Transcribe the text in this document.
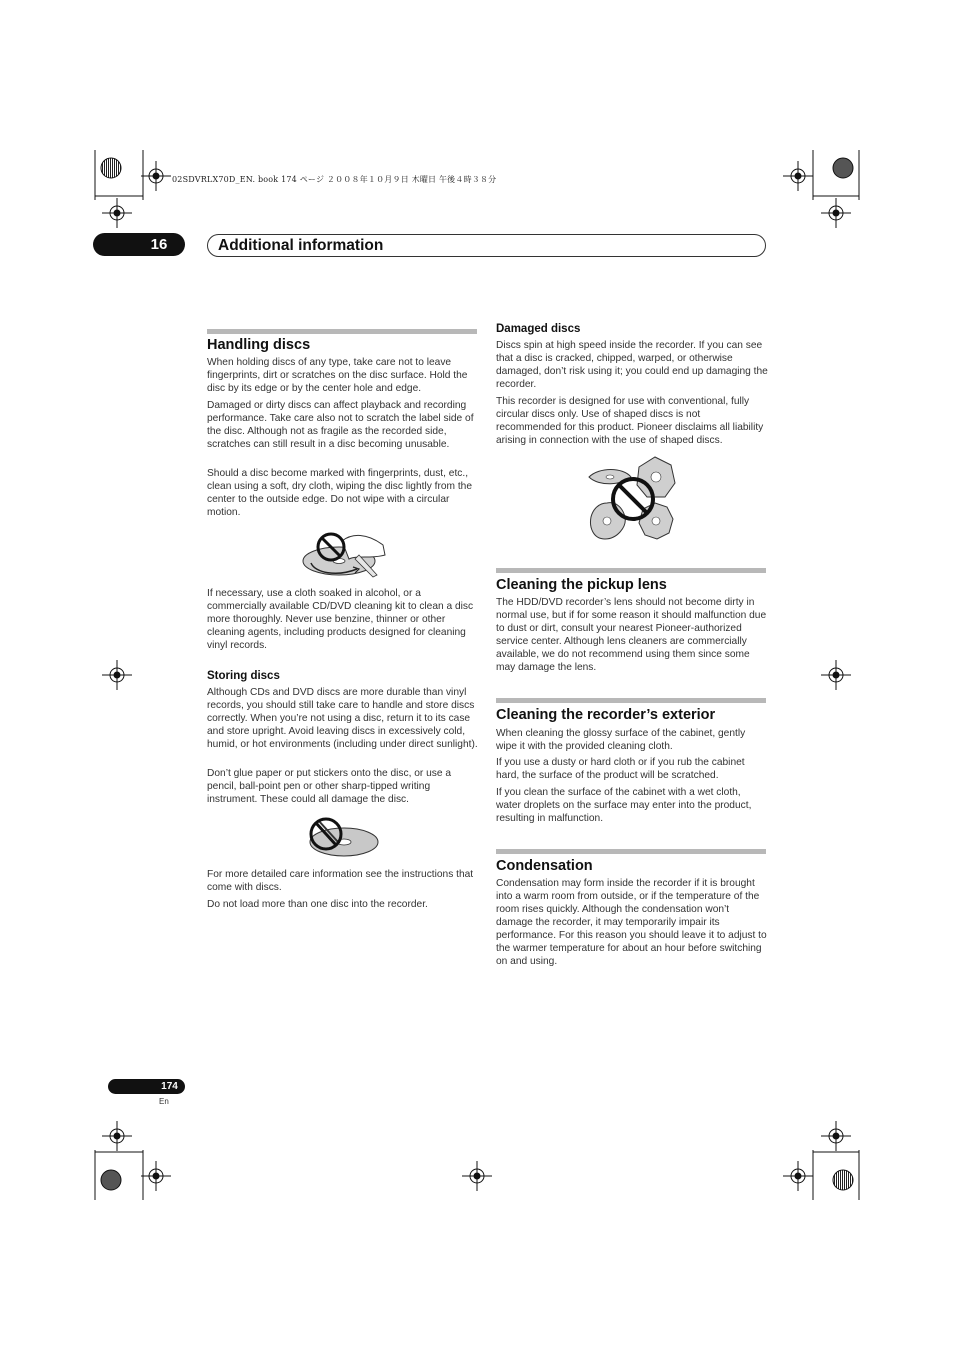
02SDVRLX70D_EN. book 174 ページ ２００８年１０月９日 木曜日 午後４時３８分
16	Additional information
Handling discs

When holding discs of any type, take care not to leave fingerprints, dirt or scratches on the disc surface. Hold the disc by its edge or by the center hole and edge.

Damaged or dirty discs can affect playback and recording performance. Take care also not to scratch the label side of the disc. Although not as fragile as the recorded side, scratches can still result in a disc becoming unusable.

Should a disc become marked with fingerprints, dust, etc., clean using a soft, dry cloth, wiping the disc lightly from the center to the outside edge. Do not wipe with a circular motion.

If necessary, use a cloth soaked in alcohol, or a commercially available CD/DVD cleaning kit to clean a disc more thoroughly. Never use benzine, thinner or other cleaning agents, including products designed for cleaning vinyl records.

Storing discs

Although CDs and DVD discs are more durable than vinyl records, you should still take care to handle and store discs correctly. When you’re not using a disc, return it to its case and store upright. Avoid leaving discs in excessively cold, humid, or hot environments (including under direct sunlight).

Don’t glue paper or put stickers onto the disc, or use a pencil, ball-point pen or other sharp-tipped writing instrument. These could all damage the disc.

For more detailed care information see the instructions that come with discs.

Do not load more than one disc into the recorder.

Damaged discs

Discs spin at high speed inside the recorder. If you can see that a disc is cracked, chipped, warped, or otherwise damaged, don’t risk using it; you could end up damaging the recorder.

This recorder is designed for use with conventional, fully circular discs only. Use of shaped discs is not recommended for this product. Pioneer disclaims all liability arising in connection with the use of shaped discs.

Cleaning the pickup lens

The HDD/DVD recorder’s lens should not become dirty in normal use, but if for some reason it should malfunction due to dust or dirt, consult your nearest Pioneer-authorized service center. Although lens cleaners are commercially available, we do not recommend using them since some may damage the lens.

Cleaning the recorder’s exterior

When cleaning the glossy surface of the cabinet, gently wipe it with the provided cleaning cloth.

If you use a dusty or hard cloth or if you rub the cabinet hard, the surface of the product will be scratched.

If you clean the surface of the cabinet with a wet cloth, water droplets on the surface may enter into the product, resulting in malfunction.

Condensation

Condensation may form inside the recorder if it is brought into a warm room from outside, or if the temperature of the room rises quickly. Although the condensation won’t damage the recorder, it may temporarily impair its performance. For this reason you should leave it to adjust to the warmer temperature for about an hour before switching on and using.

174
En
